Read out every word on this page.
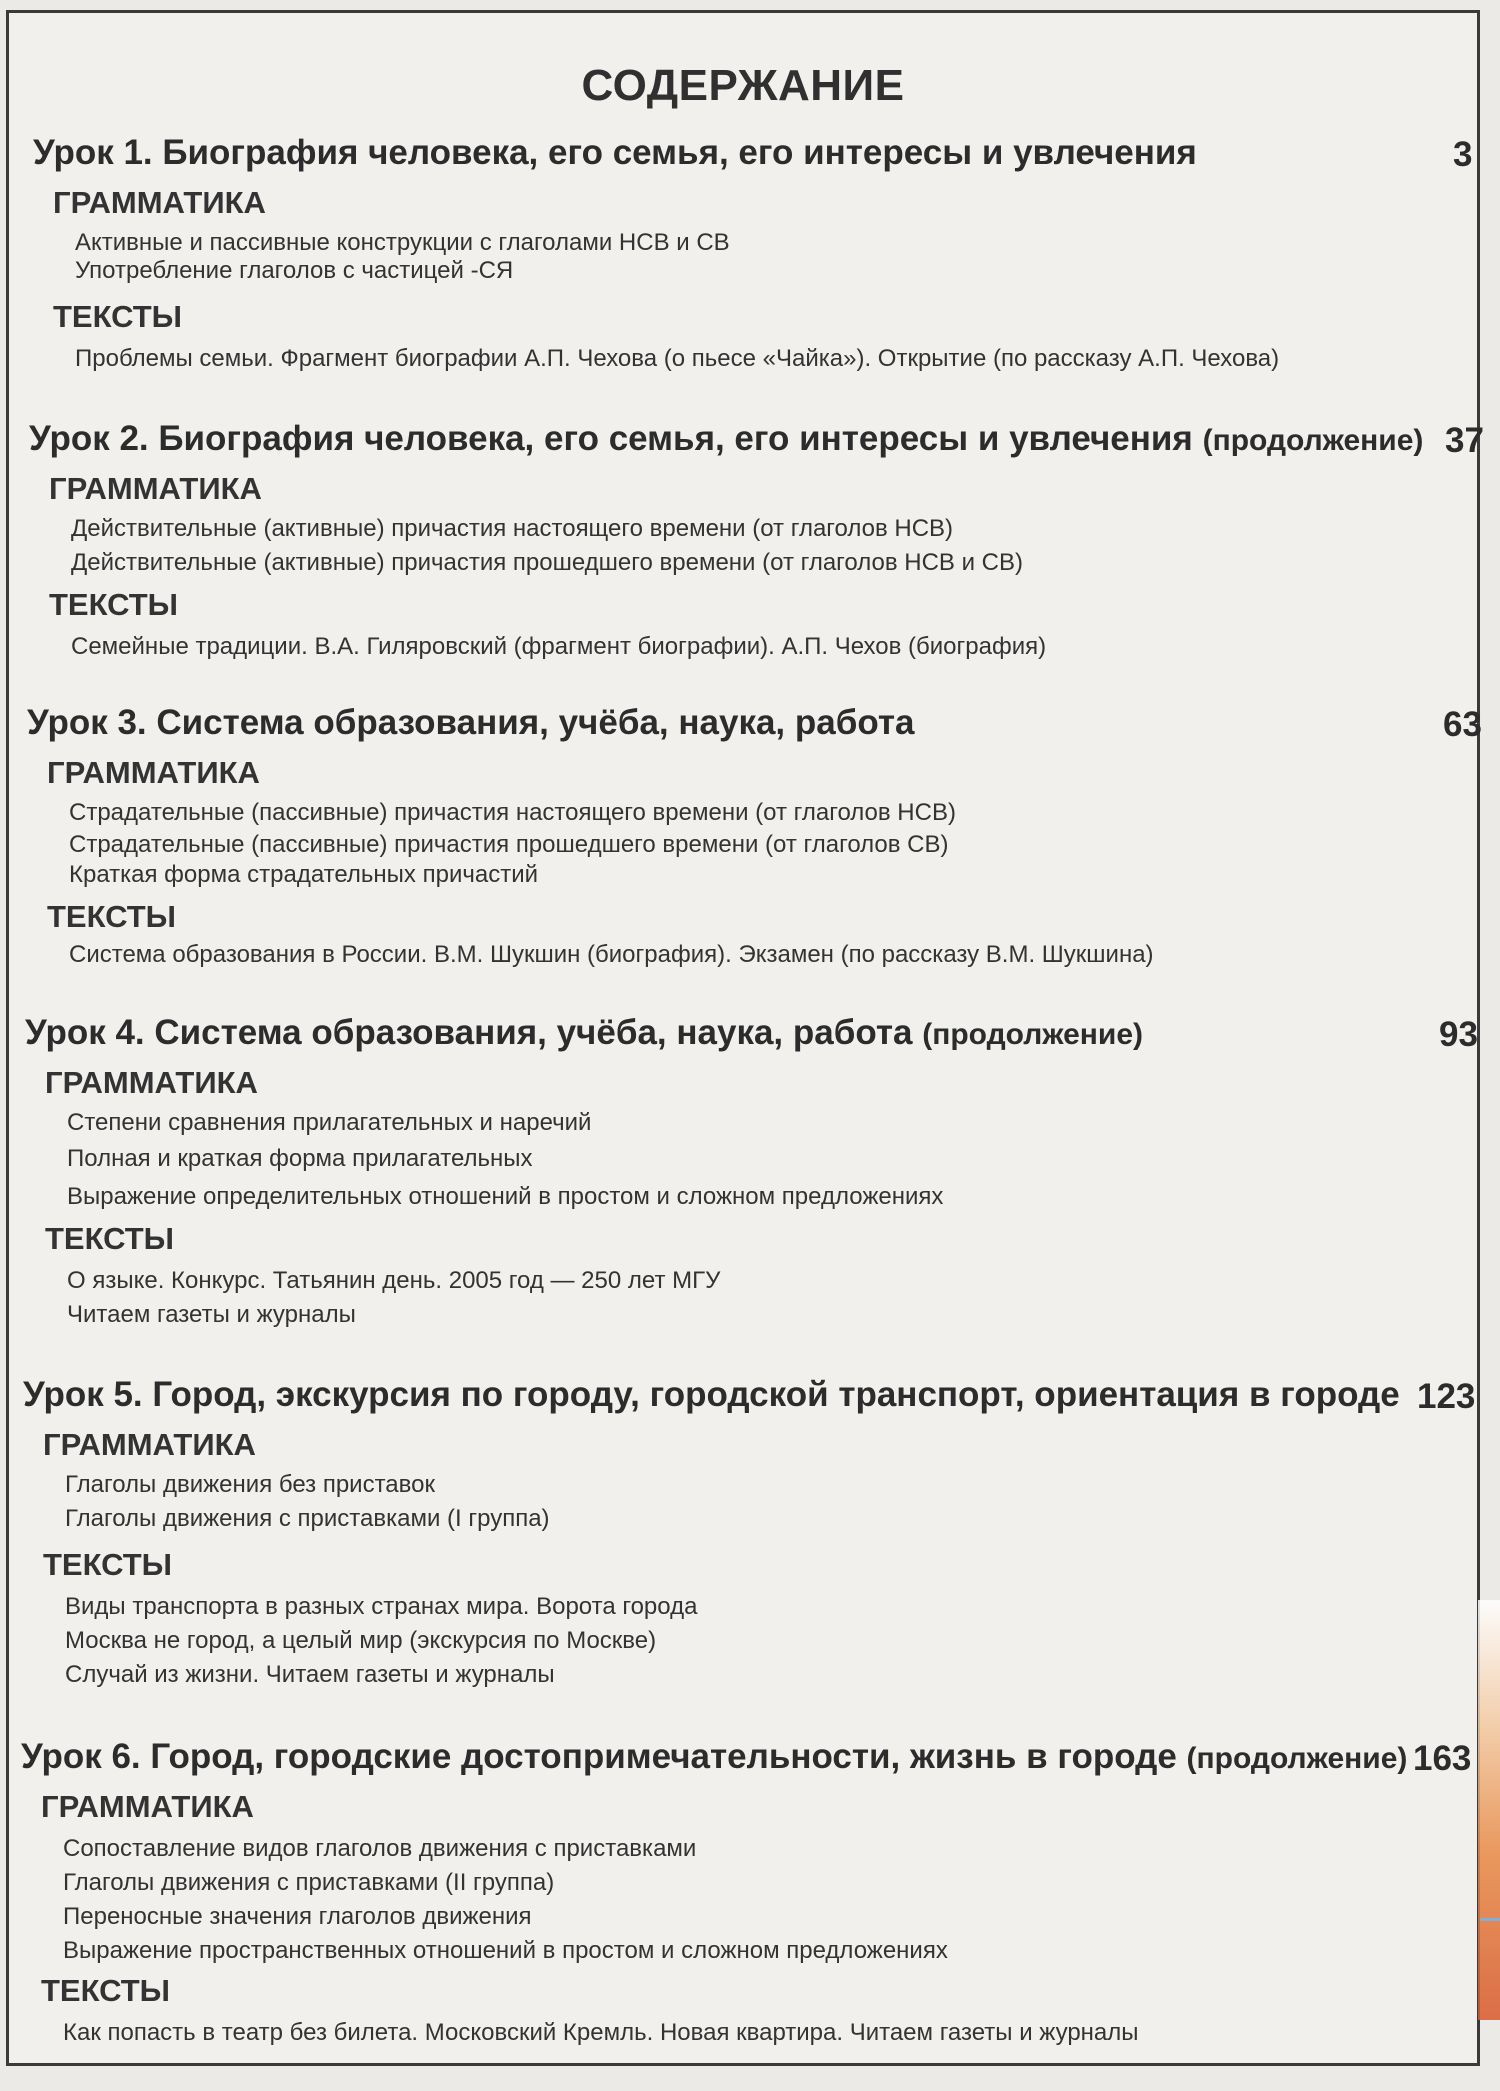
СОДЕРЖАНИЕ
Урок 1. Биография человека, его семья, его интересы и увлечения	3
ГРАММАТИКА
Активные и пассивные конструкции с глаголами НСВ и СВ
Употребление глаголов с частицей -СЯ
ТЕКСТЫ
Проблемы семьи. Фрагмент биографии А.П. Чехова (о пьесе «Чайка»). Открытие (по рассказу А.П. Чехова)
Урок 2. Биография человека, его семья, его интересы и увлечения (продолжение) 37
ГРАММАТИКА
Действительные (активные) причастия настоящего времени (от глаголов НСВ)
Действительные (активные) причастия прошедшего времени (от глаголов НСВ и СВ)
ТЕКСТЫ
Семейные традиции. В.А. Гиляровский (фрагмент биографии). А.П. Чехов (биография)
Урок 3. Система образования, учёба, наука, работа	63
ГРАММАТИКА
Страдательные (пассивные) причастия настоящего времени (от глаголов НСВ)
Страдательные (пассивные) причастия прошедшего времени (от глаголов СВ)
Краткая форма страдательных причастий
ТЕКСТЫ
Система образования в России. В.М. Шукшин (биография). Экзамен (по рассказу В.М. Шукшина)
Урок 4. Система образования, учёба, наука, работа (продолжение)	93
ГРАММАТИКА
Степени сравнения прилагательных и наречий
Полная и краткая форма прилагательных
Выражение определительных отношений в простом и сложном предложениях
ТЕКСТЫ
О языке. Конкурс. Татьянин день. 2005 год — 250 лет МГУ
Читаем газеты и журналы
Урок 5. Город, экскурсия по городу, городской транспорт, ориентация в городе 123
ГРАММАТИКА
Глаголы движения без приставок
Глаголы движения с приставками (I группа)
ТЕКСТЫ
Виды транспорта в разных странах мира. Ворота города
Москва не город, а целый мир (экскурсия по Москве)
Случай из жизни. Читаем газеты и журналы
Урок 6. Город, городские достопримечательности, жизнь в городе (продолжение) 163
ГРАММАТИКА
Сопоставление видов глаголов движения с приставками
Глаголы движения с приставками (II группа)
Переносные значения глаголов движения
Выражение пространственных отношений в простом и сложном предложениях
ТЕКСТЫ
Как попасть в театр без билета. Московский Кремль. Новая квартира. Читаем газеты и журналы
